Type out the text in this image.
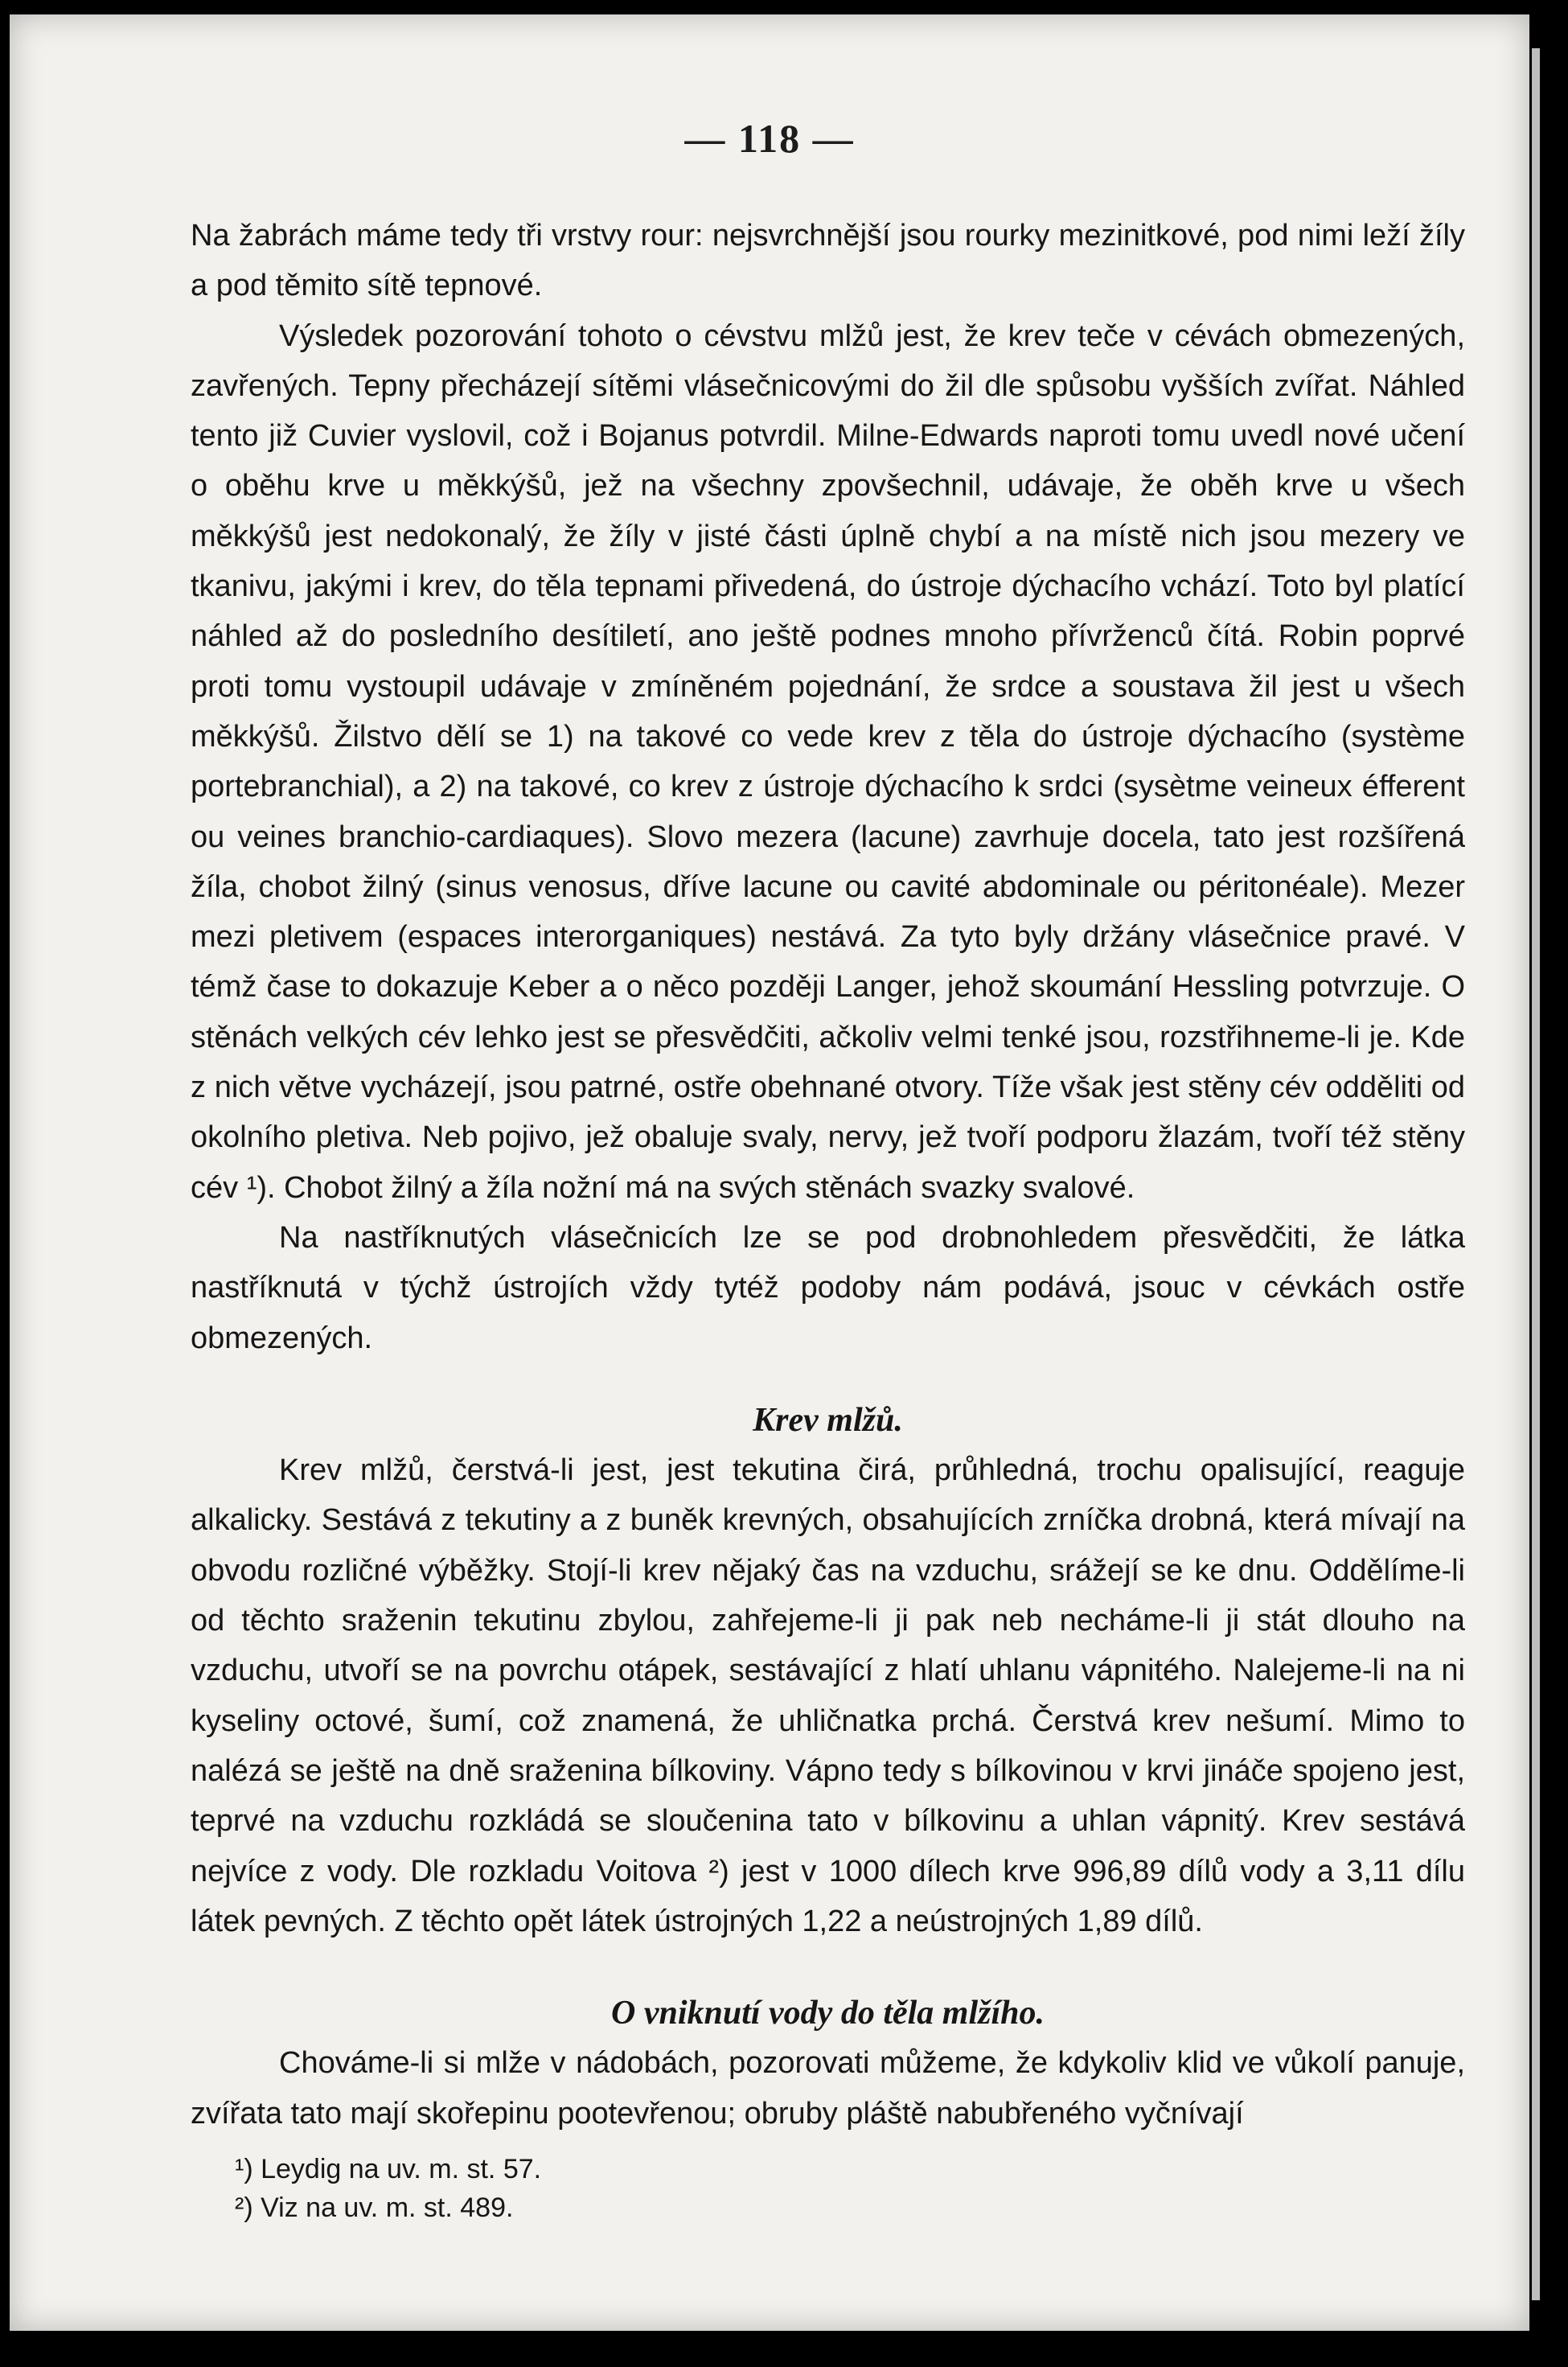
— 118 —

Na žabrách máme tedy tři vrstvy rour: nejsvrchnější jsou rourky mezinitkové, pod nimi leží žíly a pod těmito sítě tepnové.

Výsledek pozorování tohoto o cévstvu mlžů jest, že krev teče v cévách obmezených, zavřených. Tepny přecházejí sítěmi vlásečnicovými do žil dle spůsobu vyšších zvířat. Náhled tento již Cuvier vyslovil, což i Bojanus potvrdil. Milne-Edwards naproti tomu uvedl nové učení o oběhu krve u měkkýšů, jež na všechny zpovšechnil, udávaje, že oběh krve u všech měkkýšů jest nedokonalý, že žíly v jisté části úplně chybí a na místě nich jsou mezery ve tkanivu, jakými i krev, do těla tepnami přivedená, do ústroje dýchacího vchází. Toto byl platící náhled až do posledního desítiletí, ano ještě podnes mnoho přívrženců čítá. Robin poprvé proti tomu vystoupil udávaje v zmíněném pojednání, že srdce a soustava žil jest u všech měkkýšů. Žilstvo dělí se 1) na takové co vede krev z těla do ústroje dýchacího (système portebranchial), a 2) na takové, co krev z ústroje dýchacího k srdci (sysètme veineux éfferent ou veines branchio-cardiaques). Slovo mezera (lacune) zavrhuje docela, tato jest rozšířená žíla, chobot žilný (sinus venosus, dříve lacune ou cavité abdominale ou péritonéale). Mezer mezi pletivem (espaces interorganiques) nestává. Za tyto byly držány vlásečnice pravé. V témž čase to dokazuje Keber a o něco později Langer, jehož skoumání Hessling potvrzuje. O stěnách velkých cév lehko jest se přesvědčiti, ačkoliv velmi tenké jsou, rozstřihneme-li je. Kde z nich větve vycházejí, jsou patrné, ostře obehnané otvory. Tíže však jest stěny cév odděliti od okolního pletiva. Neb pojivo, jež obaluje svaly, nervy, jež tvoří podporu žlazám, tvoří též stěny cév ¹). Chobot žilný a žíla nožní má na svých stěnách svazky svalové.

Na nastříknutých vlásečnicích lze se pod drobnohledem přesvědčiti, že látka nastříknutá v týchž ústrojích vždy tytéž podoby nám podává, jsouc v cévkách ostře obmezených.

Krev mlžů.

Krev mlžů, čerstvá-li jest, jest tekutina čirá, průhledná, trochu opalisující, reaguje alkalicky. Sestává z tekutiny a z buněk krevných, obsahujících zrníčka drobná, která mívají na obvodu rozličné výběžky. Stojí-li krev nějaký čas na vzduchu, srážejí se ke dnu. Oddělíme-li od těchto sraženin tekutinu zbylou, zahřejeme-li ji pak neb necháme-li ji stát dlouho na vzduchu, utvoří se na povrchu otápek, sestávající z hlatí uhlanu vápnitého. Nalejeme-li na ni kyseliny octové, šumí, což znamená, že uhličnatka prchá. Čerstvá krev nešumí. Mimo to nalézá se ještě na dně sraženina bílkoviny. Vápno tedy s bílkovinou v krvi jináče spojeno jest, teprvé na vzduchu rozkládá se sloučenina tato v bílkovinu a uhlan vápnitý. Krev sestává nejvíce z vody. Dle rozkladu Voitova ²) jest v 1000 dílech krve 996,89 dílů vody a 3,11 dílu látek pevných. Z těchto opět látek ústrojných 1,22 a neústrojných 1,89 dílů.

O vniknutí vody do těla mlžího.

Chováme-li si mlže v nádobách, pozorovati můžeme, že kdykoliv klid ve vůkolí panuje, zvířata tato mají skořepinu pootevřenou; obruby pláště nabubřeného vyčnívají

¹) Leydig na uv. m. st. 57.
²) Viz na uv. m. st. 489.
